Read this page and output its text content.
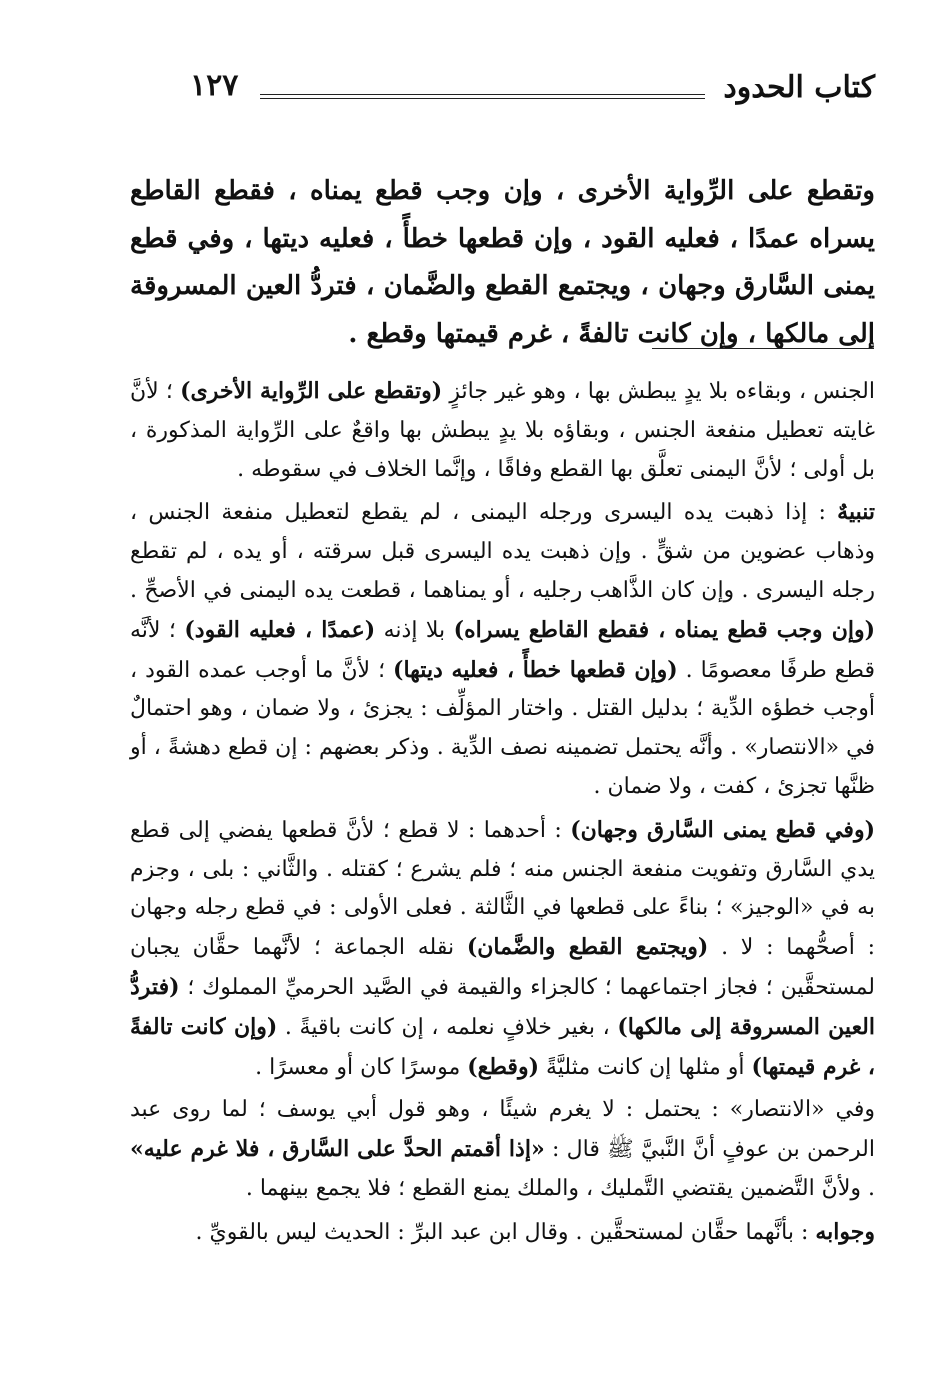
كتاب الحدود
١٢٧
وتقطع على الرِّواية الأخرى ، وإن وجب قطع يمناه ، فقطع القاطع يسراه عمدًا ، فعليه القود ، وإن قطعها خطأً ، فعليه ديتها ، وفي قطع يمنى السَّارق وجهان ، ويجتمع القطع والضَّمان ، فتردُّ العين المسروقة إلى مالكها ، وإن كانت تالفةً ، غرم قيمتها وقطع .

الجنس ، وبقاءه بلا يدٍ يبطش بها ، وهو غير جائزٍ (وتقطع على الرِّواية الأخرى) ؛ لأنَّ غايته تعطيل منفعة الجنس ، وبقاؤه بلا يدٍ يبطش بها واقعٌ على الرِّواية المذكورة ، بل أولى ؛ لأنَّ اليمنى تعلَّق بها القطع وفاقًا ، وإنَّما الخلاف في سقوطه .

تنبيهٌ : إذا ذهبت يده اليسرى ورجله اليمنى ، لم يقطع لتعطيل منفعة الجنس ، وذهاب عضوين من شقٍّ . وإن ذهبت يده اليسرى قبل سرقته ، أو يده ، لم تقطع رجله اليسرى . وإن كان الذَّاهب رجليه ، أو يمناهما ، قطعت يده اليمنى في الأصحِّ . (وإن وجب قطع يمناه ، فقطع القاطع يسراه) بلا إذنه (عمدًا ، فعليه القود) ؛ لأنَّه قطع طرفًا معصومًا . (وإن قطعها خطأً ، فعليه ديتها) ؛ لأنَّ ما أوجب عمده القود ، أوجب خطؤه الدِّية ؛ بدليل القتل . واختار المؤلِّف : يجزئ ، ولا ضمان ، وهو احتمالٌ في «الانتصار» . وأنَّه يحتمل تضمينه نصف الدِّية . وذكر بعضهم : إن قطع دهشةً ، أو ظنَّها تجزئ ، كفت ، ولا ضمان .

(وفي قطع يمنى السَّارق وجهان) : أحدهما : لا قطع ؛ لأنَّ قطعها يفضي إلى قطع يدي السَّارق وتفويت منفعة الجنس منه ؛ فلم يشرع ؛ كقتله . والثَّاني : بلى ، وجزم به في «الوجيز» ؛ بناءً على قطعها في الثَّالثة . فعلى الأولى : في قطع رجله وجهان : أصحُّهما : لا . (ويجتمع القطع والضَّمان) نقله الجماعة ؛ لأنَّهما حقَّان يجبان لمستحقَّين ؛ فجاز اجتماعهما ؛ كالجزاء والقيمة في الصَّيد الحرميِّ المملوك ؛ (فتردُّ العين المسروقة إلى مالكها) ، بغير خلافٍ نعلمه ، إن كانت باقيةً . (وإن كانت تالفةً ، غرم قيمتها) أو مثلها إن كانت مثليَّةً (وقطع) موسرًا كان أو معسرًا .

وفي «الانتصار» : يحتمل : لا يغرم شيئًا ، وهو قول أبي يوسف ؛ لما روى عبد الرحمن بن عوفٍ أنَّ النَّبيَّ ﷺ قال : «إذا أقمتم الحدَّ على السَّارق ، فلا غرم عليه» . ولأنَّ التَّضمين يقتضي التَّمليك ، والملك يمنع القطع ؛ فلا يجمع بينهما .

وجوابه : بأنَّهما حقَّان لمستحقَّين . وقال ابن عبد البرِّ : الحديث ليس بالقويِّ .
